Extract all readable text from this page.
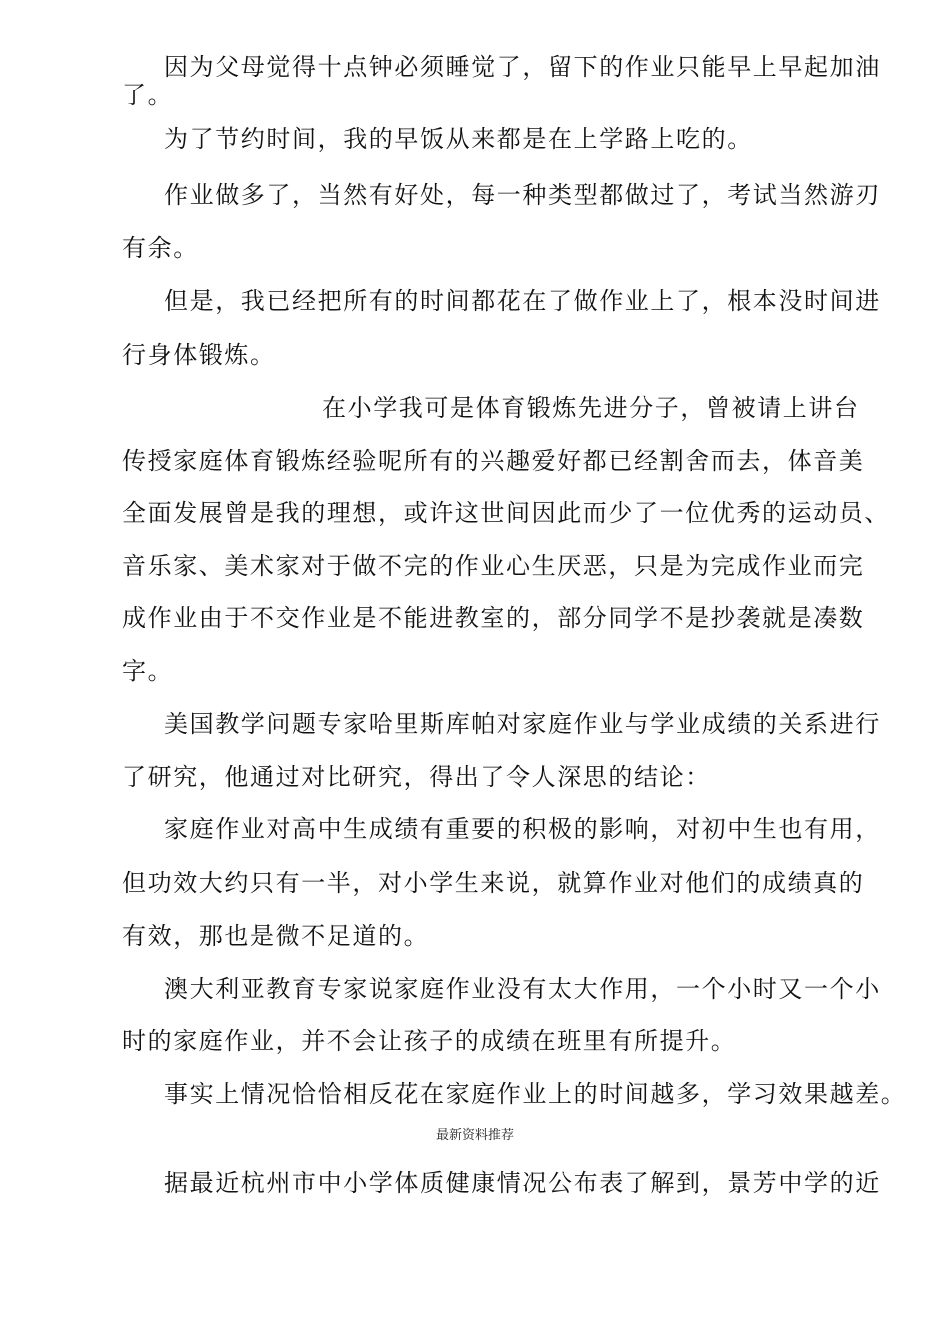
因为父母觉得十点钟必须睡觉了，留下的作业只能早上早起加油
了。
为了节约时间，我的早饭从来都是在上学路上吃的。
作业做多了，当然有好处，每一种类型都做过了，考试当然游刃
有余。
但是，我已经把所有的时间都花在了做作业上了，根本没时间进
行身体锻炼。
在小学我可是体育锻炼先进分子，曾被请上讲台
传授家庭体育锻炼经验呢所有的兴趣爱好都已经割舍而去，体音美
全面发展曾是我的理想，或许这世间因此而少了一位优秀的运动员、
音乐家、美术家对于做不完的作业心生厌恶，只是为完成作业而完
成作业由于不交作业是不能进教室的，部分同学不是抄袭就是凑数
字。
美国教学问题专家哈里斯库帕对家庭作业与学业成绩的关系进行
了研究，他通过对比研究，得出了令人深思的结论：
家庭作业对高中生成绩有重要的积极的影响，对初中生也有用，
但功效大约只有一半，对小学生来说，就算作业对他们的成绩真的
有效，那也是微不足道的。
澳大利亚教育专家说家庭作业没有太大作用，一个小时又一个小
时的家庭作业，并不会让孩子的成绩在班里有所提升。
事实上情况恰恰相反花在家庭作业上的时间越多，学习效果越差。
最新资料推荐
据最近杭州市中小学体质健康情况公布表了解到，景芳中学的近
